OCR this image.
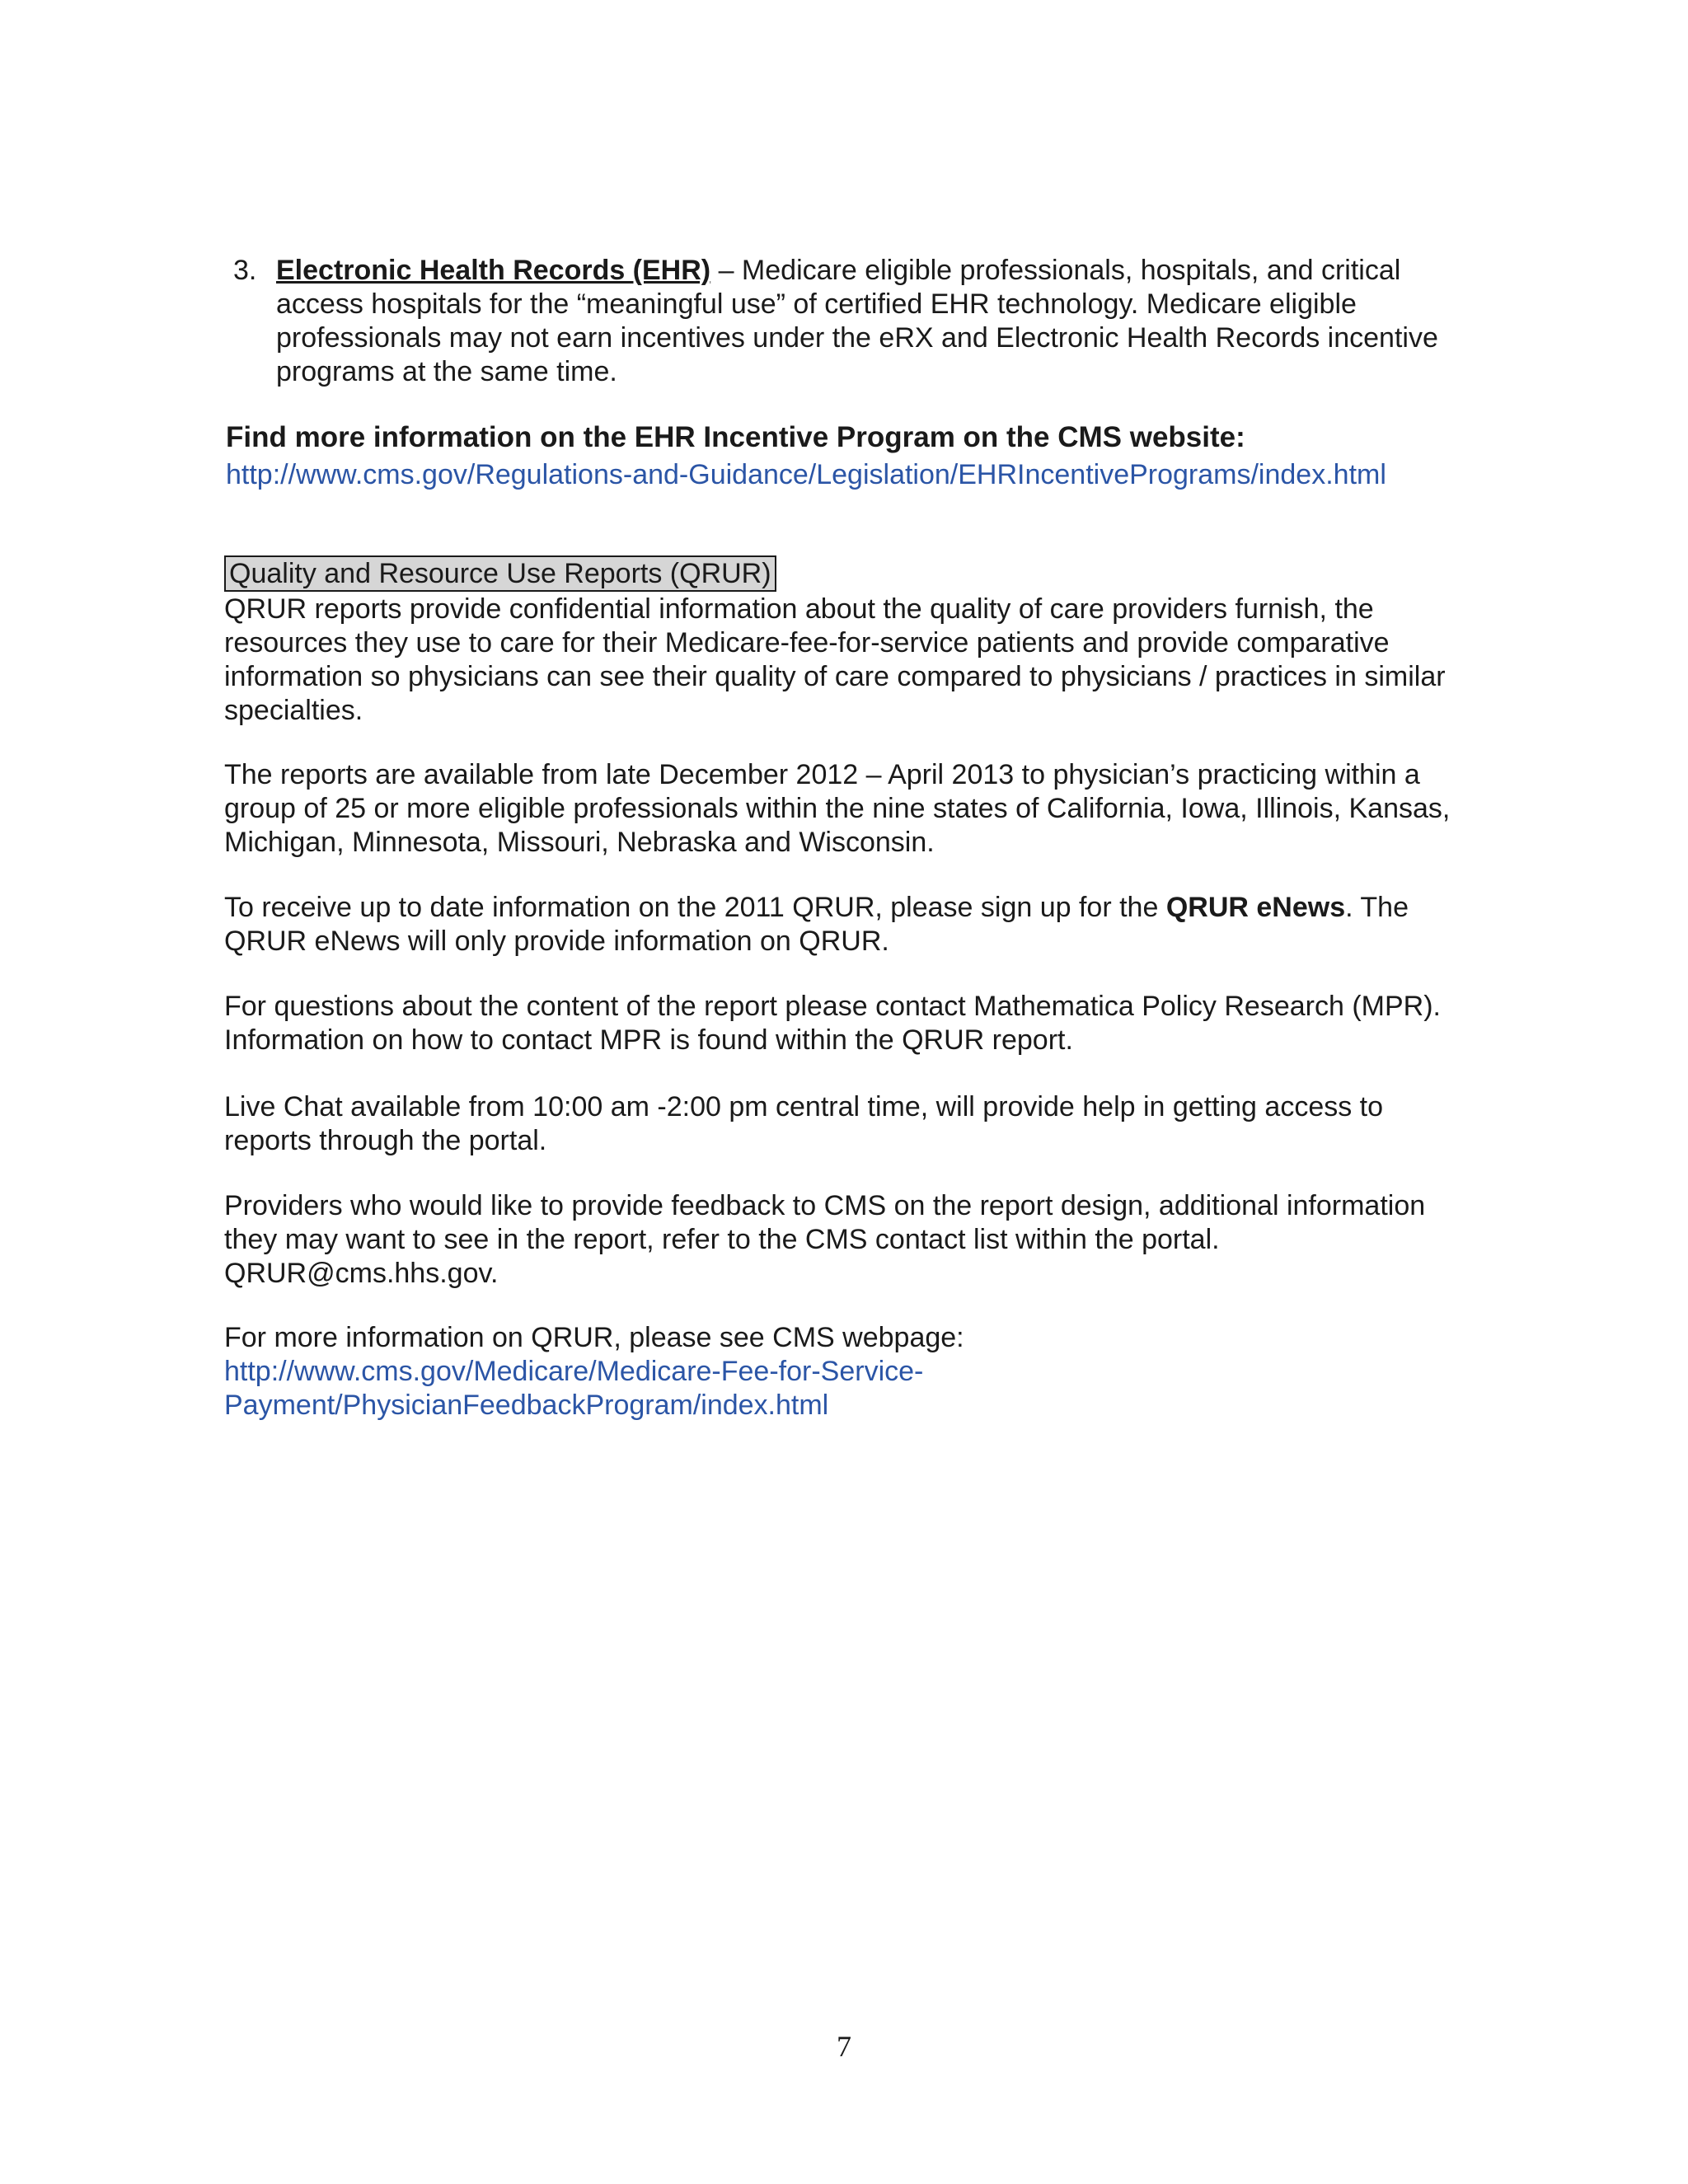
3. Electronic Health Records (EHR) – Medicare eligible professionals, hospitals, and critical access hospitals for the “meaningful use” of certified EHR technology. Medicare eligible professionals may not earn incentives under the eRX and Electronic Health Records incentive programs at the same time.
Find more information on the EHR Incentive Program on the CMS website:
http://www.cms.gov/Regulations-and-Guidance/Legislation/EHRIncentivePrograms/index.html
Quality and Resource Use Reports (QRUR)
QRUR reports provide confidential information about the quality of care providers furnish, the resources they use to care for their Medicare-fee-for-service patients and provide comparative information so physicians can see their quality of care compared to physicians / practices in similar specialties.
The reports are available from late December 2012 – April 2013 to physician’s practicing within a group of 25 or more eligible professionals within the nine states of California, Iowa, Illinois, Kansas, Michigan, Minnesota, Missouri, Nebraska and Wisconsin.
To receive up to date information on the 2011 QRUR, please sign up for the QRUR eNews. The QRUR eNews will only provide information on QRUR.
For questions about the content of the report please contact Mathematica Policy Research (MPR). Information on how to contact MPR is found within the QRUR report.
Live Chat available from 10:00 am -2:00 pm central time, will provide help in getting access to reports through the portal.
Providers who would like to provide feedback to CMS on the report design, additional information they may want to see in the report, refer to the CMS contact list within the portal. QRUR@cms.hhs.gov.
For more information on QRUR, please see CMS webpage:
http://www.cms.gov/Medicare/Medicare-Fee-for-Service-
Payment/PhysicianFeedbackProgram/index.html
7
